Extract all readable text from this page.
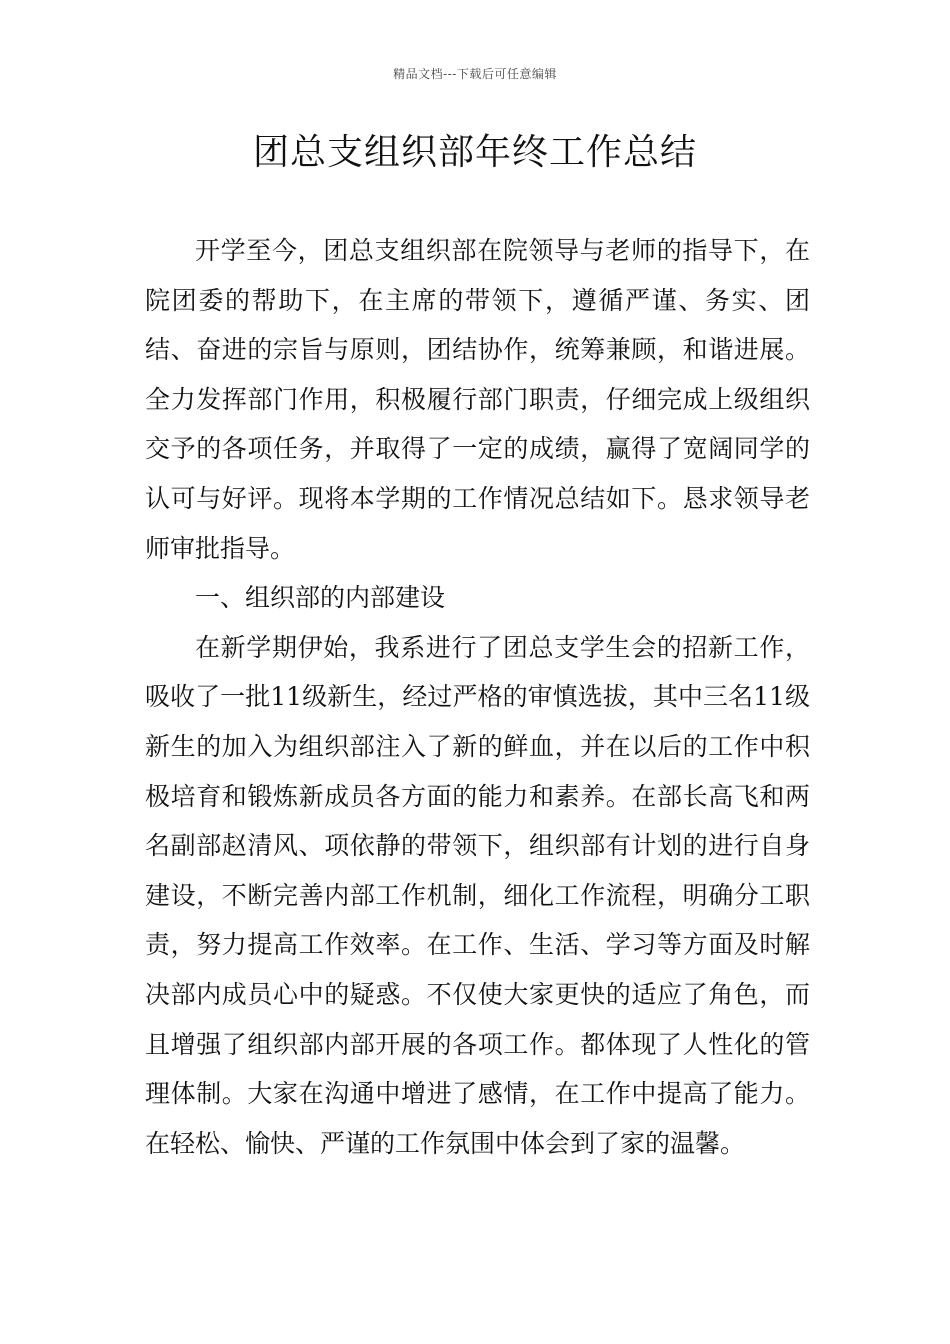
精品文档---下载后可任意编辑
团总支组织部年终工作总结

开学至今，团总支组织部在院领导与老师的指导下，在院团委的帮助下，在主席的带领下，遵循严谨、务实、团结、奋进的宗旨与原则，团结协作，统筹兼顾，和谐进展。全力发挥部门作用，积极履行部门职责，仔细完成上级组织交予的各项任务，并取得了一定的成绩，赢得了宽阔同学的认可与好评。现将本学期的工作情况总结如下。恳求领导老师审批指导。

一、组织部的内部建设

在新学期伊始，我系进行了团总支学生会的招新工作，吸收了一批11级新生，经过严格的审慎选拔，其中三名11级新生的加入为组织部注入了新的鲜血，并在以后的工作中积极培育和锻炼新成员各方面的能力和素养。在部长高飞和两名副部赵清风、项依静的带领下，组织部有计划的进行自身建设，不断完善内部工作机制，细化工作流程，明确分工职责，努力提高工作效率。在工作、生活、学习等方面及时解决部内成员心中的疑惑。不仅使大家更快的适应了角色，而且增强了组织部内部开展的各项工作。都体现了人性化的管理体制。大家在沟通中增进了感情，在工作中提高了能力。在轻松、愉快、严谨的工作氛围中体会到了家的温馨。
